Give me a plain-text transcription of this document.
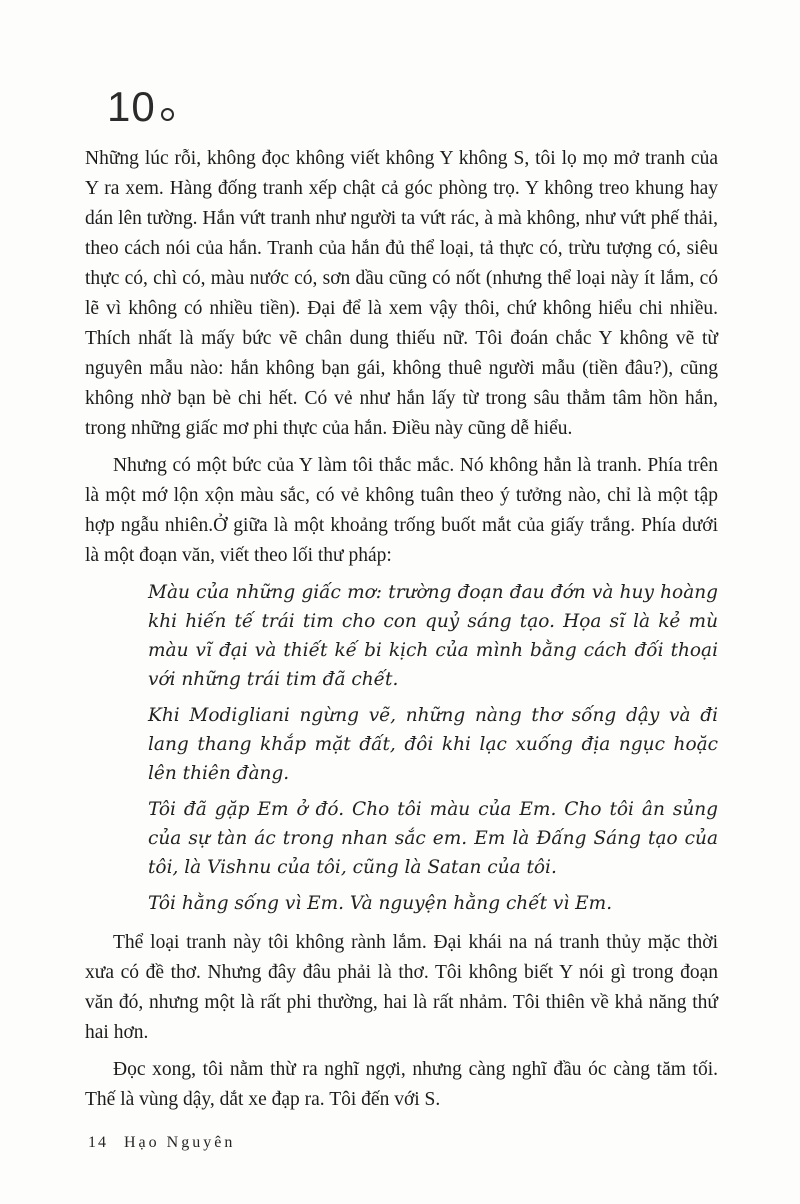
10

Những lúc rỗi, không đọc không viết không Y không S, tôi lọ mọ mở tranh của Y ra xem. Hàng đống tranh xếp chật cả góc phòng trọ. Y không treo khung hay dán lên tường. Hắn vứt tranh như người ta vứt rác, à mà không, như vứt phế thải, theo cách nói của hắn. Tranh của hắn đủ thể loại, tả thực có, trừu tượng có, siêu thực có, chì có, màu nước có, sơn dầu cũng có nốt (nhưng thể loại này ít lắm, có lẽ vì không có nhiều tiền). Đại để là xem vậy thôi, chứ không hiểu chi nhiều. Thích nhất là mấy bức vẽ chân dung thiếu nữ. Tôi đoán chắc Y không vẽ từ nguyên mẫu nào: hắn không bạn gái, không thuê người mẫu (tiền đâu?), cũng không nhờ bạn bè chi hết. Có vẻ như hắn lấy từ trong sâu thẳm tâm hồn hắn, trong những giấc mơ phi thực của hắn. Điều này cũng dễ hiểu.

Nhưng có một bức của Y làm tôi thắc mắc. Nó không hẳn là tranh. Phía trên là một mớ lộn xộn màu sắc, có vẻ không tuân theo ý tưởng nào, chỉ là một tập hợp ngẫu nhiên.Ở giữa là một khoảng trống buốt mắt của giấy trắng. Phía dưới là một đoạn văn, viết theo lối thư pháp:

Màu của những giấc mơ: trường đoạn đau đớn và huy hoàng khi hiến tế trái tim cho con quỷ sáng tạo. Họa sĩ là kẻ mù màu vĩ đại và thiết kế bi kịch của mình bằng cách đối thoại với những trái tim đã chết.

Khi Modigliani ngừng vẽ, những nàng thơ sống dậy và đi lang thang khắp mặt đất, đôi khi lạc xuống địa ngục hoặc lên thiên đàng.

Tôi đã gặp Em ở đó. Cho tôi màu của Em. Cho tôi ân sủng của sự tàn ác trong nhan sắc em. Em là Đấng Sáng tạo của tôi, là Vishnu của tôi, cũng là Satan của tôi.

Tôi hằng sống vì Em. Và nguyện hằng chết vì Em.

Thể loại tranh này tôi không rành lắm. Đại khái na ná tranh thủy mặc thời xưa có đề thơ. Nhưng đây đâu phải là thơ. Tôi không biết Y nói gì trong đoạn văn đó, nhưng một là rất phi thường, hai là rất nhảm. Tôi thiên về khả năng thứ hai hơn.

Đọc xong, tôi nằm thừ ra nghĩ ngợi, nhưng càng nghĩ đầu óc càng tăm tối. Thế là vùng dậy, dắt xe đạp ra. Tôi đến với S.

14 Hạo Nguyên
